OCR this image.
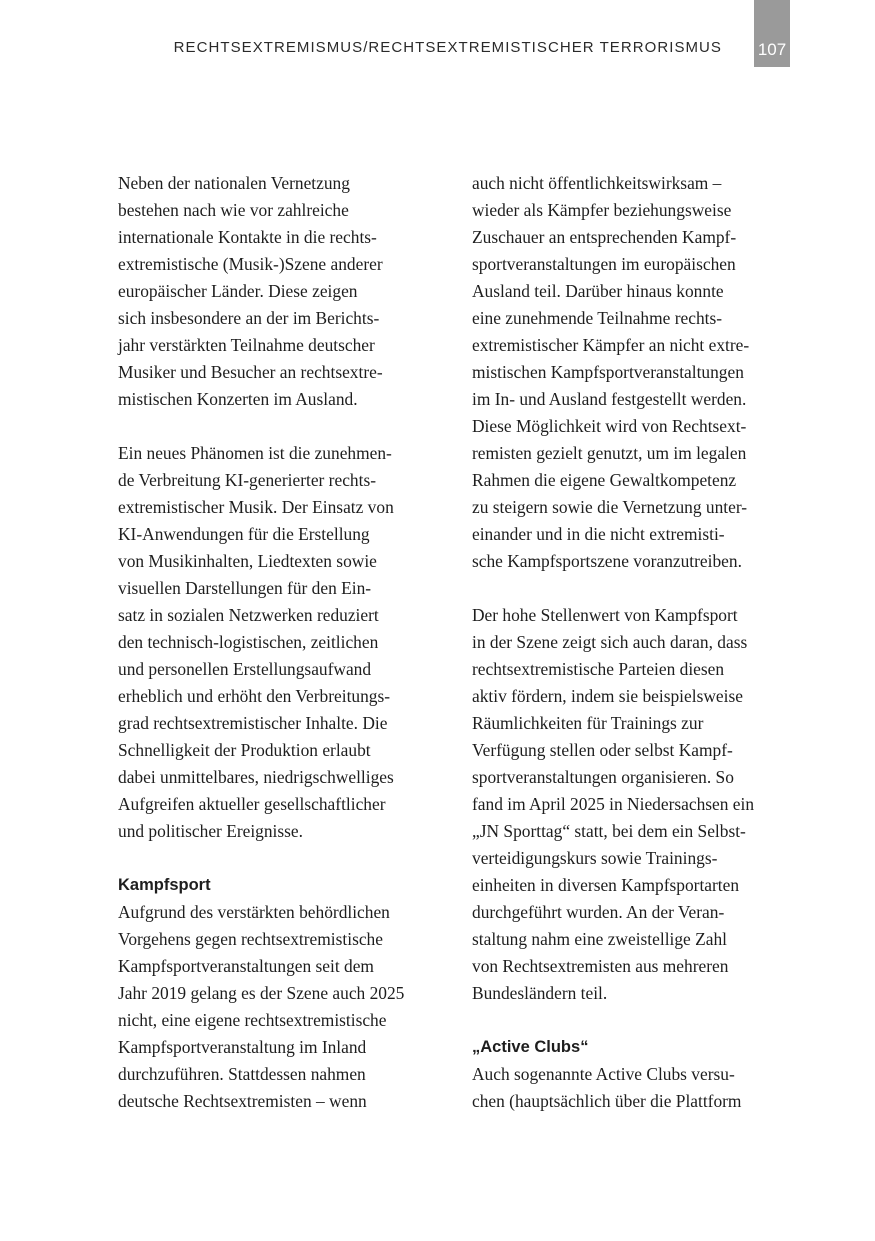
RECHTSEXTREMISMUS/RECHTSEXTREMISTISCHER TERRORISMUS 107
Neben der nationalen Vernetzung
bestehen nach wie vor zahlreiche
internationale Kontakte in die rechts-
extremistische (Musik-)Szene anderer
europäischer Länder. Diese zeigen
sich insbesondere an der im Berichts-
jahr verstärkten Teilnahme deutscher
Musiker und Besucher an rechtsextre-
mistischen Konzerten im Ausland.
Ein neues Phänomen ist die zunehmen-
de Verbreitung KI-generierter rechts-
extremistischer Musik. Der Einsatz von
KI-Anwendungen für die Erstellung
von Musikinhalten, Liedtexten sowie
visuellen Darstellungen für den Ein-
satz in sozialen Netzwerken reduziert
den technisch-logistischen, zeitlichen
und personellen Erstellungsaufwand
erheblich und erhöht den Verbreitungs-
grad rechtsextremistischer Inhalte. Die
Schnelligkeit der Produktion erlaubt
dabei unmittelbares, niedrigschwelliges
Aufgreifen aktueller gesellschaftlicher
und politischer Ereignisse.
Kampfsport
Aufgrund des verstärkten behördlichen
Vorgehens gegen rechtsextremistische
Kampfsportveranstaltungen seit dem
Jahr 2019 gelang es der Szene auch 2025
nicht, eine eigene rechtsextremistische
Kampfsportveranstaltung im Inland
durchzuführen. Stattdessen nahmen
deutsche Rechtsextremisten – wenn
auch nicht öffentlichkeitswirksam –
wieder als Kämpfer beziehungsweise
Zuschauer an entsprechenden Kampf-
sportveranstaltungen im europäischen
Ausland teil. Darüber hinaus konnte
eine zunehmende Teilnahme rechts-
extremistischer Kämpfer an nicht extre-
mistischen Kampfsportveranstaltungen
im In- und Ausland festgestellt werden.
Diese Möglichkeit wird von Rechtsext-
remisten gezielt genutzt, um im legalen
Rahmen die eigene Gewaltkompetenz
zu steigern sowie die Vernetzung unter-
einander und in die nicht extremisti-
sche Kampfsportszene voranzutreiben.
Der hohe Stellenwert von Kampfsport
in der Szene zeigt sich auch daran, dass
rechtsextremistische Parteien diesen
aktiv fördern, indem sie beispielsweise
Räumlichkeiten für Trainings zur
Verfügung stellen oder selbst Kampf-
sportveranstaltungen organisieren. So
fand im April 2025 in Niedersachsen ein
„JN Sporttag“ statt, bei dem ein Selbst-
verteidigungskurs sowie Trainings-
einheiten in diversen Kampfsportarten
durchgeführt wurden. An der Veran-
staltung nahm eine zweistellige Zahl
von Rechtsextremisten aus mehreren
Bundesländern teil.
„Active Clubs“
Auch sogenannte Active Clubs versu-
chen (hauptsächlich über die Plattform
